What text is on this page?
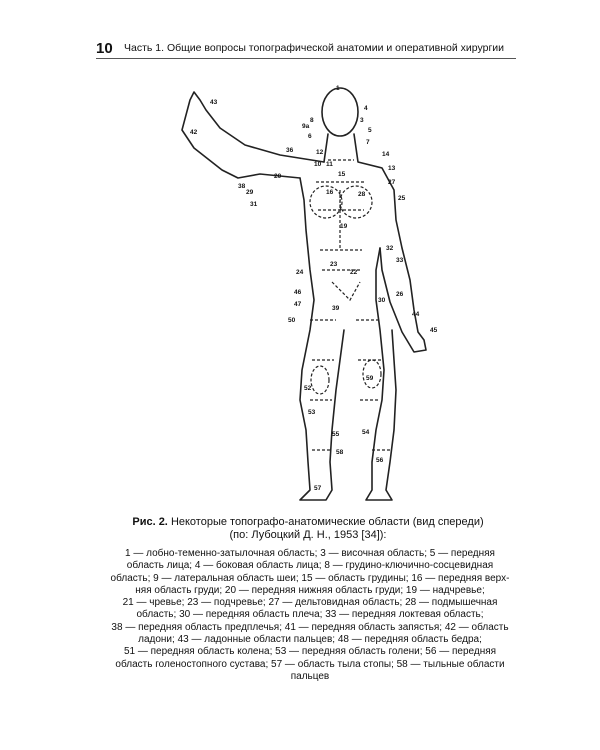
10 Часть 1. Общие вопросы топографической анатомии и оперативной хирургии
43
1
4
3
5
42
9a
8
6
7
12
13
14
36
11
10
15
16
38
29
27
25
31
28
20
19
32
33
24
23
22
46
47
30
39
26
50
44
45
52
53
58
59
55	54
56
57
Рис. 2. Некоторые топографо-анатомические области (вид спереди)
(по: Лубоцкий Д. Н., 1953 [34]):
1 — лобно-теменно-затылочная область; 3 — височная область; 5 — передняя
область лица; 4 — боковая область лица; 8 — грудино-ключично-сосцевидная
область; 9 — латеральная область шеи; 15 — область грудины; 16 — передняя верх-
няя область груди; 20 — передняя нижняя область груди; 19 — надчревье;
21 — чревье; 23 — подчревье; 27 — дельтовидная область; 28 — подмышечная
область; 30 — передняя область плеча; 33 — передняя локтевая область;
38 — передняя область предплечья; 41 — передняя область запястья; 42 — область
ладони; 43 — ладонные области пальцев; 48 — передняя область бедра;
51 — передняя область колена; 53 — передняя область голени; 56 — передняя
область голеностопного сустава; 57 — область тыла стопы; 58 — тыльные области
пальцев
